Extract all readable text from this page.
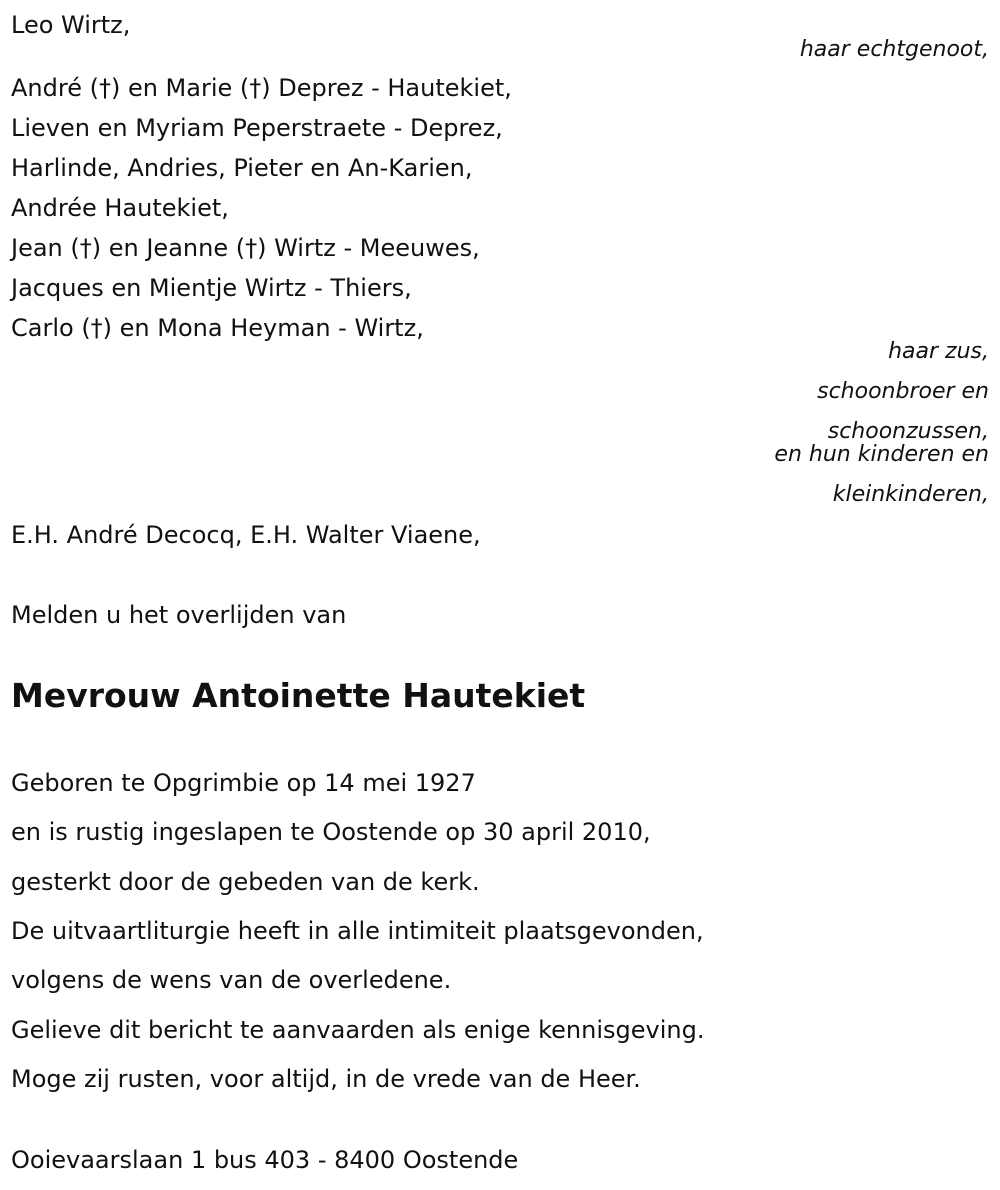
Leo Wirtz,
haar echtgenoot,
André (†) en Marie (†) Deprez - Hautekiet,
Lieven en Myriam Peperstraete - Deprez,
Harlinde, Andries, Pieter en An-Karien,
Andrée Hautekiet,
Jean (†) en Jeanne (†) Wirtz - Meeuwes,
Jacques en Mientje Wirtz - Thiers,
Carlo (†) en Mona Heyman - Wirtz,
haar zus,
schoonbroer en
schoonzussen,
en hun kinderen en
kleinkinderen,
E.H. André Decocq, E.H. Walter Viaene,
Melden u het overlijden van
Mevrouw Antoinette Hautekiet
Geboren te Opgrimbie op 14 mei 1927
en is rustig ingeslapen te Oostende op 30 april 2010,
gesterkt door de gebeden van de kerk.
De uitvaartliturgie heeft in alle intimiteit plaatsgevonden,
volgens de wens van de overledene.
Gelieve dit bericht te aanvaarden als enige kennisgeving.
Moge zij rusten, voor altijd, in de vrede van de Heer.
Ooievaarslaan 1 bus 403 - 8400 Oostende
